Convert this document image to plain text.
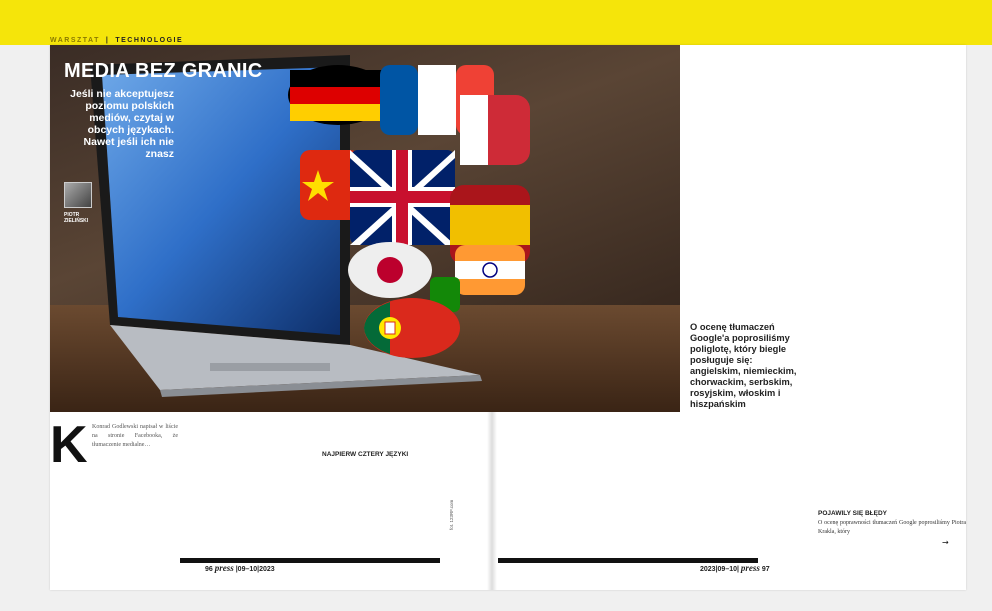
WARSZTAT | TECHNOLOGIE
MEDIA BEZ GRANIC
Jeśli nie akceptujesz poziomu polskich mediów, czytaj w obcych językach. Nawet jeśli ich nie znasz
PIOTR ZIELIŃSKI
K Konrad Godlewski napisał w liście na stronie Facebooka, że tłumaczenie medialne…

NAJPIERW CZTERY JĘZYKI

fot. 123RF.com	POJAWILY SIĘ BŁĘDY

O ocenę poprawności tłumaczeń Google poprosiliśmy Piotra Krakla, który

O ocenę tłumaczeń Google'a poprosiliśmy poliglotę, który biegle posługuje się: angielskim, niemieckim, chorwackim, serbskim, rosyjskim, włoskim i hiszpańskim
→
96 press |09–10|2023	2023|09–10| press 97
